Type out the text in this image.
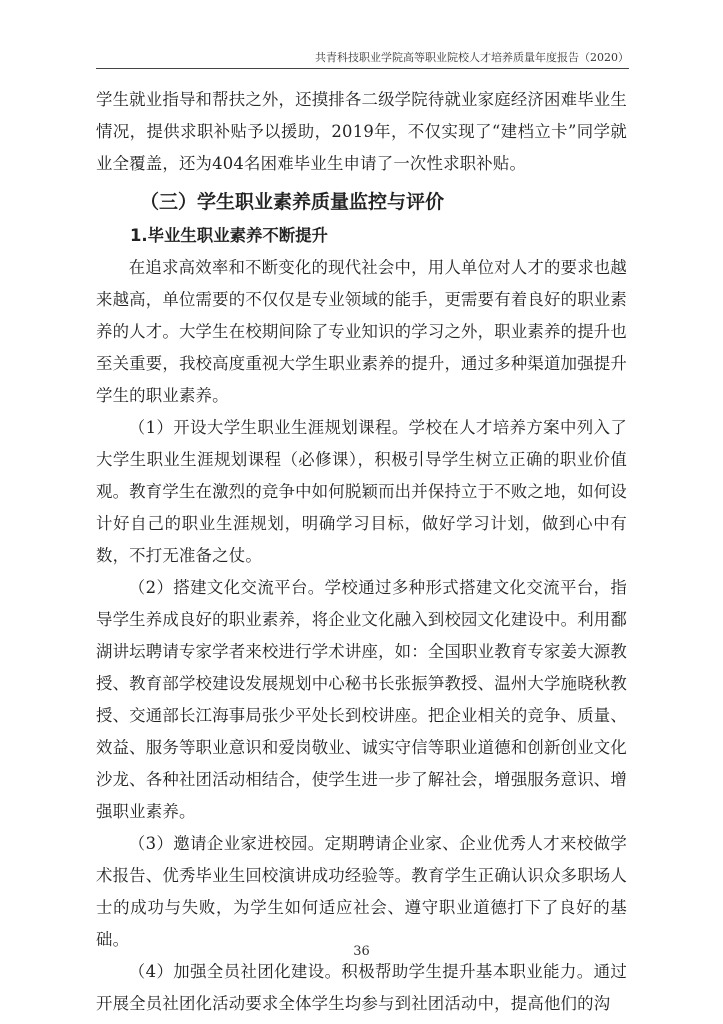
共青科技职业学院高等职业院校人才培养质量年度报告（2020）

学生就业指导和帮扶之外，还摸排各二级学院待就业家庭经济困难毕业生情况，提供求职补贴予以援助，2019年，不仅实现了“建档立卡”同学就业全覆盖，还为404名困难毕业生申请了一次性求职补贴。

（三）学生职业素养质量监控与评价
1.毕业生职业素养不断提升

在追求高效率和不断变化的现代社会中，用人单位对人才的要求也越来越高，单位需要的不仅仅是专业领域的能手，更需要有着良好的职业素养的人才。大学生在校期间除了专业知识的学习之外，职业素养的提升也至关重要，我校高度重视大学生职业素养的提升，通过多种渠道加强提升学生的职业素养。

（1）开设大学生职业生涯规划课程。学校在人才培养方案中列入了大学生职业生涯规划课程（必修课），积极引导学生树立正确的职业价值观。教育学生在激烈的竞争中如何脱颖而出并保持立于不败之地，如何设计好自己的职业生涯规划，明确学习目标，做好学习计划，做到心中有数，不打无准备之仗。

（2）搭建文化交流平台。学校通过多种形式搭建文化交流平台，指导学生养成良好的职业素养，将企业文化融入到校园文化建设中。利用鄱湖讲坛聘请专家学者来校进行学术讲座，如：全国职业教育专家姜大源教授、教育部学校建设发展规划中心秘书长张振笋教授、温州大学施晓秋教授、交通部长江海事局张少平处长到校讲座。把企业相关的竞争、质量、效益、服务等职业意识和爱岗敬业、诚实守信等职业道德和创新创业文化沙龙、各种社团活动相结合，使学生进一步了解社会，增强服务意识、增强职业素养。

（3）邀请企业家进校园。定期聘请企业家、企业优秀人才来校做学术报告、优秀毕业生回校演讲成功经验等。教育学生正确认识众多职场人士的成功与失败，为学生如何适应社会、遵守职业道德打下了良好的基础。

（4）加强全员社团化建设。积极帮助学生提升基本职业能力。通过开展全员社团化活动要求全体学生均参与到社团活动中，提高他们的沟

36
